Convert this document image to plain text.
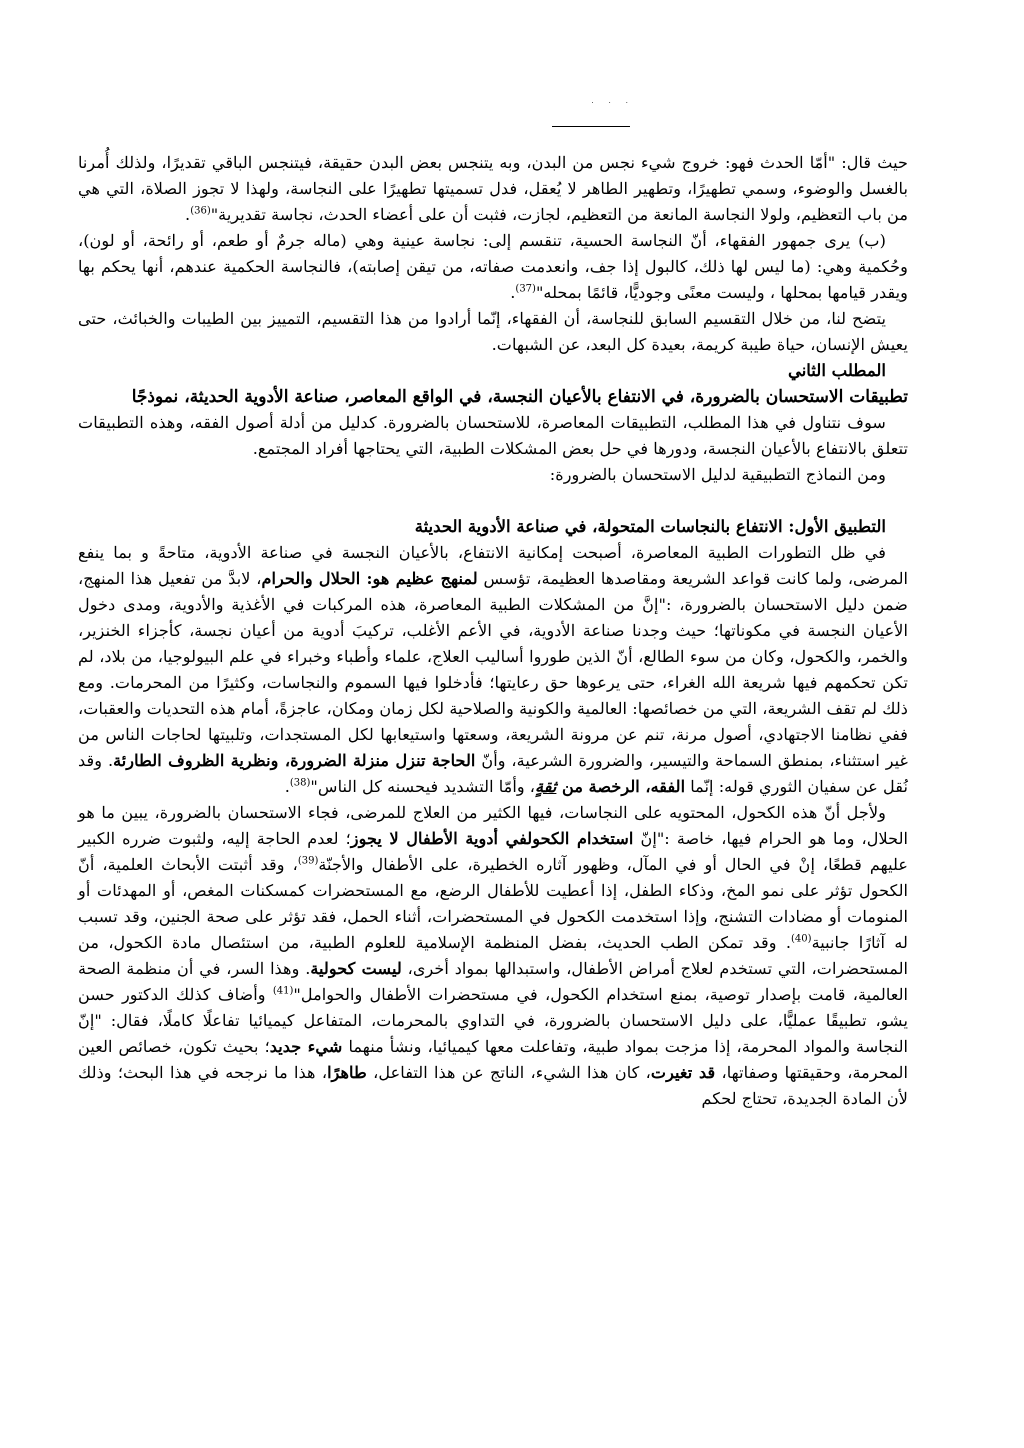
. . .

حيث قال: "أمّا الحدث فهو: خروج شيء نجس من البدن، وبه يتنجس بعض البدن حقيقة، فيتنجس الباقي تقديرًا، ولذلك أُمرنا بالغسل والوضوء، وسمي تطهيرًا، وتطهير الطاهر لا يُعقل، فدل تسميتها تطهيرًا على النجاسة، ولهذا لا تجوز الصلاة، التي هي من باب التعظيم، ولولا النجاسة المانعة من التعظيم، لجازت، فثبت أن على أعضاء الحدث، نجاسة تقديرية"$^{(36)}$.

(ب) يرى جمهور الفقهاء، أنّ النجاسة الحسية، تنقسم إلى: نجاسة عينية وهي (ماله جرمٌ أو طعم، أو رائحة، أو لون)، وحُكمية وهي: (ما ليس لها ذلك، كالبول إذا جف، وانعدمت صفاته، من تيقن إصابته)، فالنجاسة الحكمية عندهم، أنها يحكم بها ويقدر قيامها بمحلها ، وليست معنًى وجوديًّا، قائمًا بمحله"$^{(37)}$.

يتضح لنا، من خلال التقسيم السابق للنجاسة، أن الفقهاء، إنّما أرادوا من هذا التقسيم، التمييز بين الطيبات والخبائث، حتى يعيش الإنسان، حياة طيبة كريمة، بعيدة كل البعد، عن الشبهات.

المطلب الثاني

تطبيقات الاستحسان بالضرورة، في الانتفاع بالأعيان النجسة، في الواقع المعاصر، صناعة الأدوية الحديثة، نموذجًا

سوف نتناول في هذا المطلب، التطبيقات المعاصرة، للاستحسان بالضرورة. كدليل من أدلة أصول الفقه، وهذه التطبيقات تتعلق بالانتفاع بالأعيان النجسة، ودورها في حل بعض المشكلات الطبية، التي يحتاجها أفراد المجتمع.

ومن النماذج التطبيقية لدليل الاستحسان بالضرورة:

التطبيق الأول: الانتفاع بالنجاسات المتحولة، في صناعة الأدوية الحديثة

في ظل التطورات الطبية المعاصرة، أصبحت إمكانية الانتفاع، بالأعيان النجسة في صناعة الأدوية، متاحةً و بما ينفع المرضى، ولما كانت قواعد الشريعة ومقاصدها العظيمة، تؤسس لمنهج عظيم هو: الحلال والحرام، لابدَّ من تفعيل هذا المنهج، ضمن دليل الاستحسان بالضرورة، :"إنَّ من المشكلات الطبية المعاصرة، هذه المركبات في الأغذية والأدوية، ومدى دخول الأعيان النجسة في مكوناتها؛ حيث وجدنا صناعة الأدوية، في الأعم الأغلب، تركيبَ أدوية من أعيان نجسة، كأجزاء الخنزير، والخمر، والكحول، وكان من سوء الطالع، أنّ الذين طوروا أساليب العلاج، علماء وأطباء وخبراء في علم البيولوجيا، من بلاد، لم تكن تحكمهم فيها شريعة الله الغراء، حتى يرعوها حق رعايتها؛ فأدخلوا فيها السموم والنجاسات، وكثيرًا من المحرمات. ومع ذلك لم تقف الشريعة، التي من خصائصها: العالمية والكونية والصلاحية لكل زمان ومكان، عاجزةً، أمام هذه التحديات والعقبات، ففي نظامنا الاجتهادي، أصول مرنة، تنم عن مرونة الشريعة، وسعتها واستيعابها لكل المستجدات، وتلبيتها لحاجات الناس من غير استثناء، بمنطق السماحة والتيسير، والضرورة الشرعية، وأنّ الحاجة تنزل منزلة الضرورة، ونظرية الظروف الطارئة. وقد نُقل عن سفيان الثوري قوله: إنّما الفقه، الرخصة من ثقةٍ، وأمّا التشديد فيحسنه كل الناس"$^{(38)}$.

ولأجل أنّ هذه الكحول، المحتويه على النجاسات، فيها الكثير من العلاج للمرضى، فجاء الاستحسان بالضرورة، يبين ما هو الحلال، وما هو الحرام فيها، خاصة :"إنّ استخدام الكحولفي أدوية الأطفال لا يجوز؛ لعدم الحاجة إليه، ولثبوت ضرره الكبير عليهم قطعًا، إنْ في الحال أو في المآل، وظهور آثاره الخطيرة، على الأطفال والأجنّة$^{(39)}$، وقد أثبتت الأبحاث العلمية، أنّ الكحول تؤثر على نمو المخ، وذكاء الطفل، إذا أعطيت للأطفال الرضع، مع المستحضرات كمسكنات المغص، أو المهدئات أو المنومات أو مضادات التشنج، وإذا استخدمت الكحول في المستحضرات، أثناء الحمل، فقد تؤثر على صحة الجنين، وقد تسبب له آثارًا جانبية$^{(40)}$. وقد تمكن الطب الحديث، بفضل المنظمة الإسلامية للعلوم الطبية، من استئصال مادة الكحول، من المستحضرات، التي تستخدم لعلاج أمراض الأطفال، واستبدالها بمواد أخرى، ليست كحولية. وهذا السر، في أن منظمة الصحة العالمية، قامت بإصدار توصية، بمنع استخدام الكحول، في مستحضرات الأطفال والحوامل"$^{(41)}$ وأضاف كذلك الدكتور حسن يشو، تطبيقًا عمليًّا، على دليل الاستحسان بالضرورة، في التداوي بالمحرمات، المتفاعل كيميائيا تفاعلًا كاملًا، فقال: "إنّ النجاسة والمواد المحرمة، إذا مزجت بمواد طبية، وتفاعلت معها كيميائيا، ونشأ منهما شيء جديد؛ بحيث تكون، خصائص العين المحرمة، وحقيقتها وصفاتها، قد تغيرت، كان هذا الشيء، الناتج عن هذا التفاعل، طاهرًا، هذا ما نرجحه في هذا البحث؛ وذلك لأن المادة الجديدة، تحتاج لحكم
